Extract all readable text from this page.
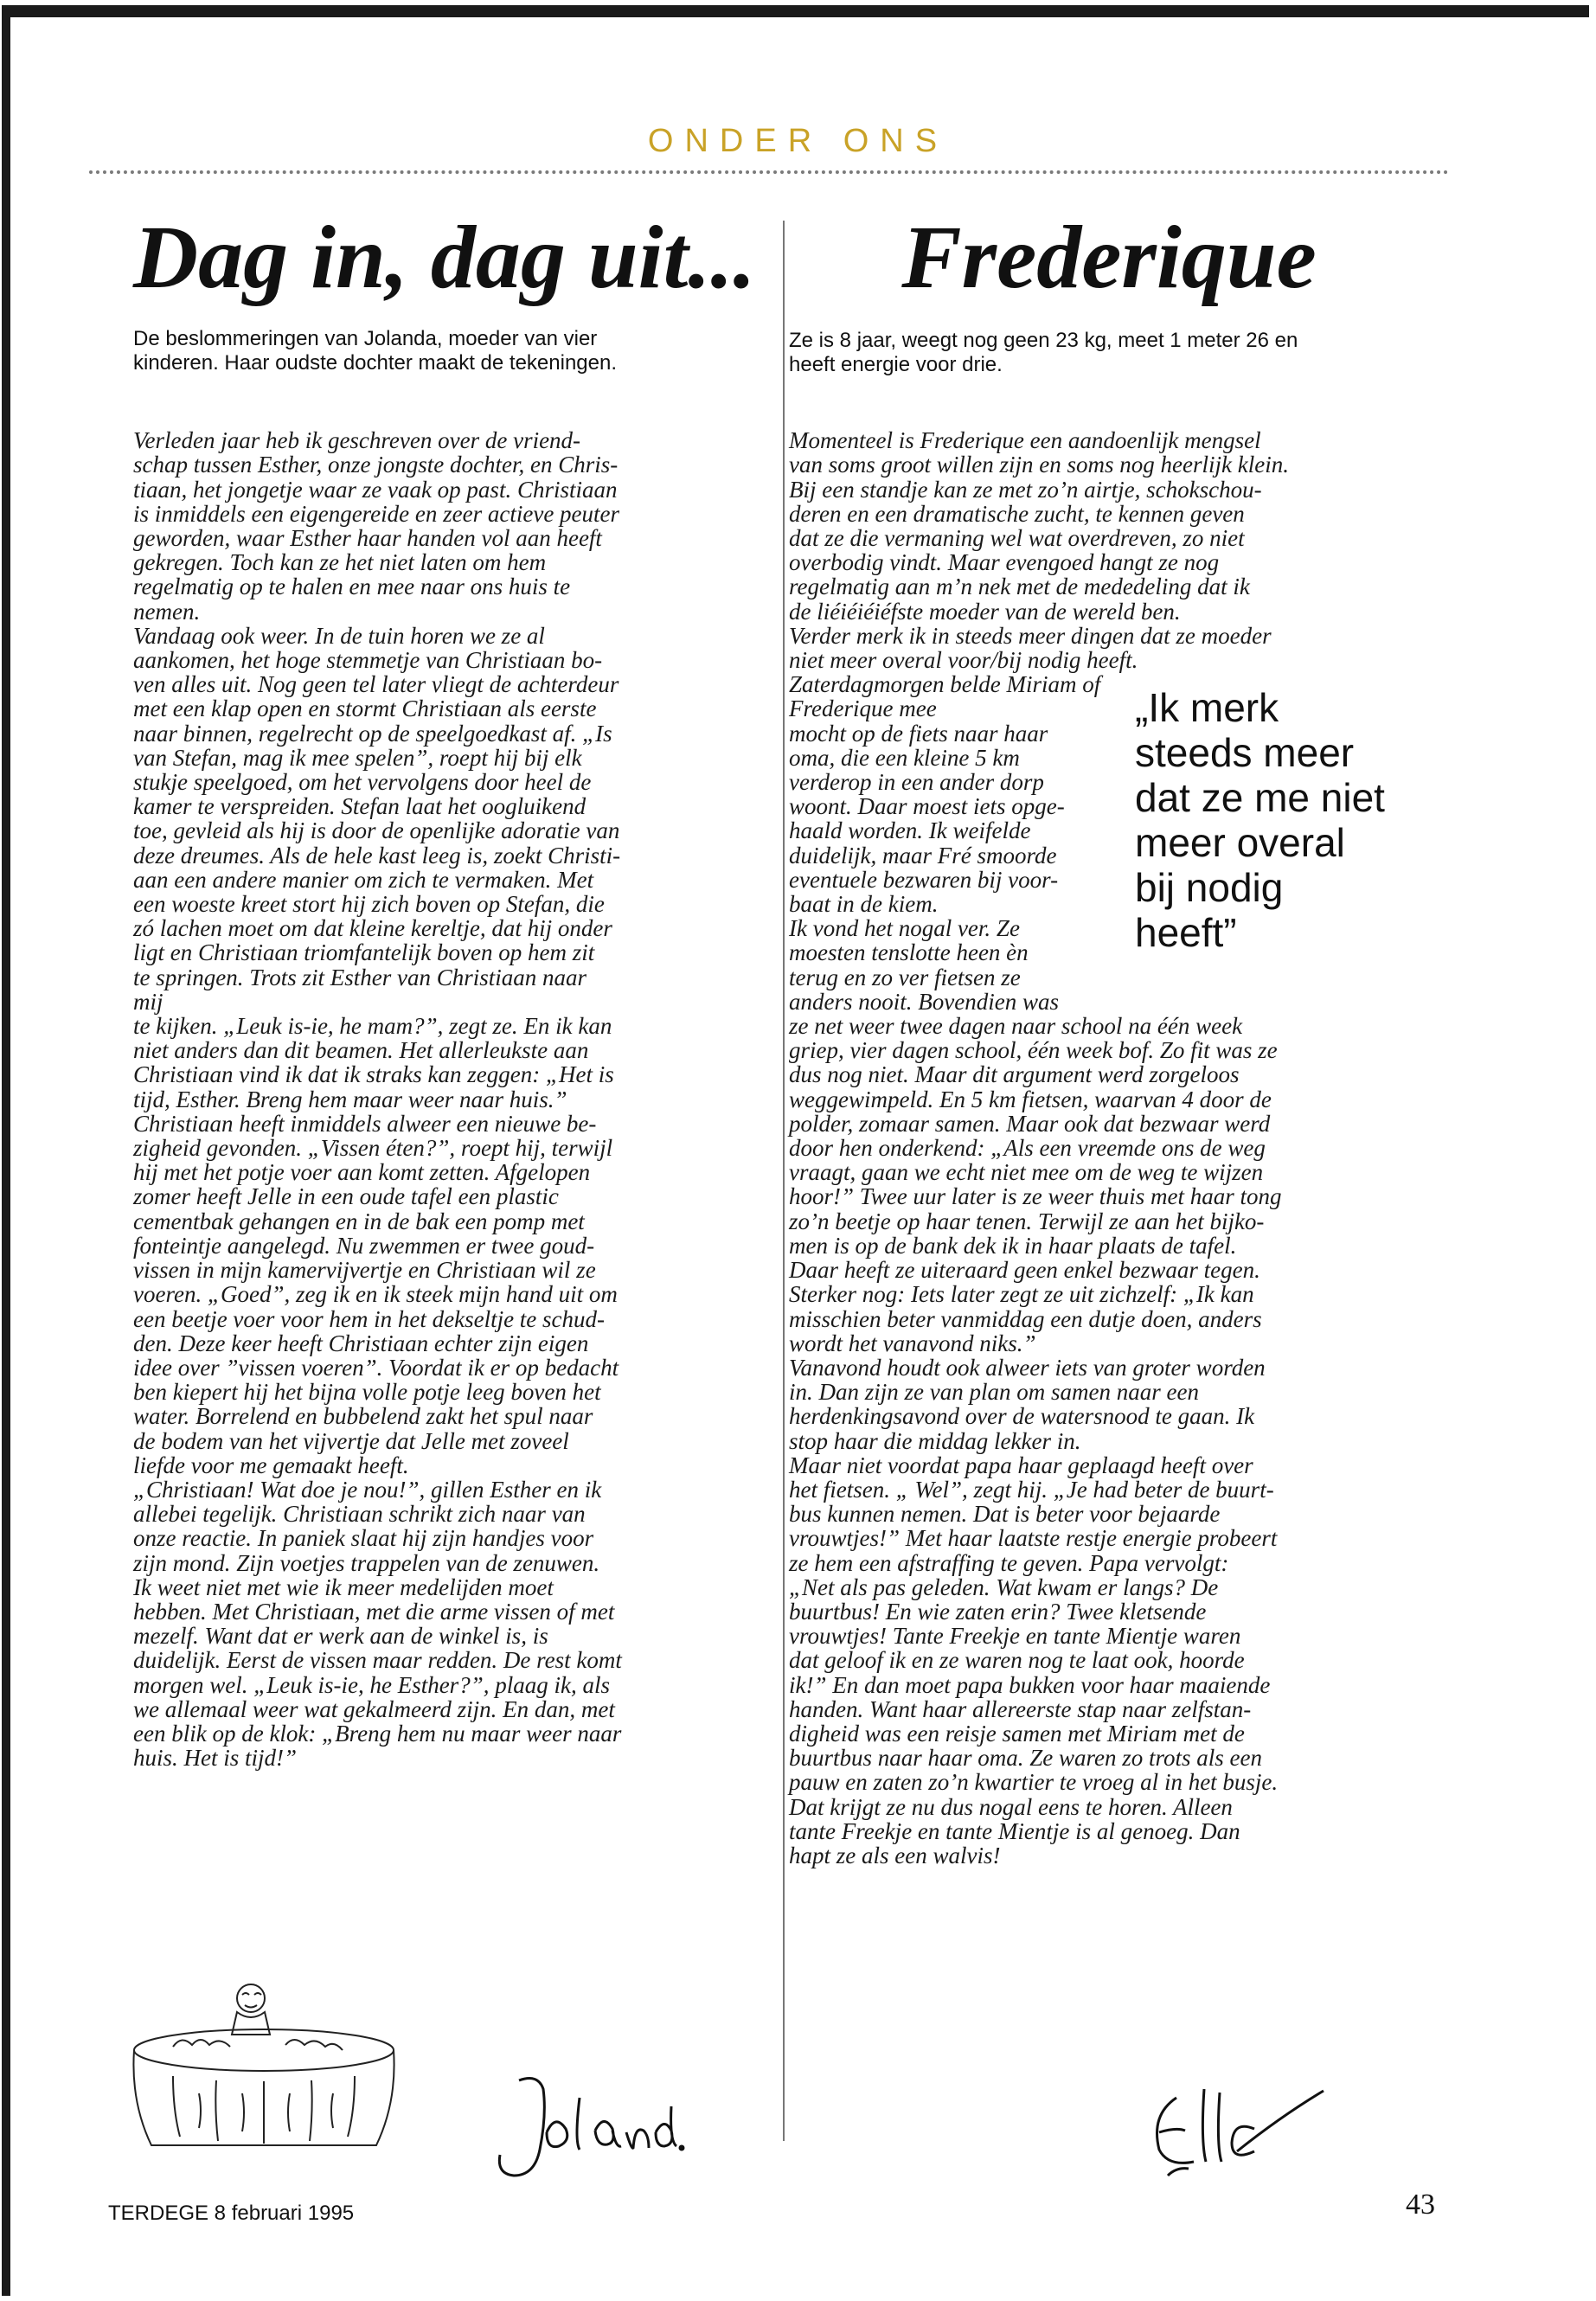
ONDER ONS
Dag in, dag uit...

De beslommeringen van Jolanda, moeder van vier
kinderen. Haar oudste dochter maakt de tekeningen.

Verleden jaar heb ik geschreven over de vriend-
schap tussen Esther, onze jongste dochter, en Chris-
tiaan, het jongetje waar ze vaak op past. Christiaan
is inmiddels een eigengereide en zeer actieve peuter
geworden, waar Esther haar handen vol aan heeft
gekregen. Toch kan ze het niet laten om hem
regelmatig op te halen en mee naar ons huis te
nemen.

Vandaag ook weer. In de tuin horen we ze al
aankomen, het hoge stemmetje van Christiaan bo-
ven alles uit. Nog geen tel later vliegt de achterdeur
met een klap open en stormt Christiaan als eerste
naar binnen, regelrecht op de speelgoedkast af. „Is
van Stefan, mag ik mee spelen”, roept hij bij elk
stukje speelgoed, om het vervolgens door heel de
kamer te verspreiden. Stefan laat het oogluikend
toe, gevleid als hij is door de openlijke adoratie van
deze dreumes. Als de hele kast leeg is, zoekt Christi-
aan een andere manier om zich te vermaken. Met
een woeste kreet stort hij zich boven op Stefan, die
zó lachen moet om dat kleine kereltje, dat hij onder
ligt en Christiaan triomfantelijk boven op hem zit
te springen. Trots zit Esther van Christiaan naar
mij
te kijken. „Leuk is-ie, he mam?”, zegt ze. En ik kan
niet anders dan dit beamen. Het allerleukste aan
Christiaan vind ik dat ik straks kan zeggen: „Het is
tijd, Esther. Breng hem maar weer naar huis.”

Christiaan heeft inmiddels alweer een nieuwe be-
zigheid gevonden. „Vissen éten?”, roept hij, terwijl
hij met het potje voer aan komt zetten. Afgelopen
zomer heeft Jelle in een oude tafel een plastic
cementbak gehangen en in de bak een pomp met
fonteintje aangelegd. Nu zwemmen er twee goud-
vissen in mijn kamervijvertje en Christiaan wil ze
voeren. „Goed”, zeg ik en ik steek mijn hand uit om
een beetje voer voor hem in het dekseltje te schud-
den. Deze keer heeft Christiaan echter zijn eigen
idee over ”vissen voeren”. Voordat ik er op bedacht
ben kiepert hij het bijna volle potje leeg boven het
water. Borrelend en bubbelend zakt het spul naar
de bodem van het vijvertje dat Jelle met zoveel
liefde voor me gemaakt heeft.

„Christiaan! Wat doe je nou!”, gillen Esther en ik
allebei tegelijk. Christiaan schrikt zich naar van
onze reactie. In paniek slaat hij zijn handjes voor
zijn mond. Zijn voetjes trappelen van de zenuwen.
Ik weet niet met wie ik meer medelijden moet
hebben. Met Christiaan, met die arme vissen of met
mezelf. Want dat er werk aan de winkel is, is
duidelijk. Eerst de vissen maar redden. De rest komt
morgen wel. „Leuk is-ie, he Esther?”, plaag ik, als
we allemaal weer wat gekalmeerd zijn. En dan, met
een blik op de klok: „Breng hem nu maar weer naar
huis. Het is tijd!”

Frederique

Ze is 8 jaar, weegt nog geen 23 kg, meet 1 meter 26 en
heeft energie voor drie.

Momenteel is Frederique een aandoenlijk mengsel
van soms groot willen zijn en soms nog heerlijk klein.
Bij een standje kan ze met zo’n airtje, schokschou-
deren en een dramatische zucht, te kennen geven
dat ze die vermaning wel wat overdreven, zo niet
overbodig vindt. Maar evengoed hangt ze nog
regelmatig aan m’n nek met de mededeling dat ik
de liéiéiéiéfste moeder van de wereld ben.

Verder merk ik in steeds meer dingen dat ze moeder
niet meer overal voor/bij nodig heeft.

„Ik merk
steeds meer
dat ze me niet
meer overal
bij nodig
heeft”

Zaterdagmorgen belde Miriam of Frederique mee
mocht op de fiets naar haar
oma, die een kleine 5 km
verderop in een ander dorp
woont. Daar moest iets opge-
haald worden. Ik weifelde
duidelijk, maar Fré smoorde
eventuele bezwaren bij voor-
baat in de kiem.

Ik vond het nogal ver. Ze
moesten tenslotte heen èn
terug en zo ver fietsen ze
anders nooit. Bovendien was
ze net weer twee dagen naar school na één week
griep, vier dagen school, één week bof. Zo fit was ze
dus nog niet. Maar dit argument werd zorgeloos
weggewimpeld. En 5 km fietsen, waarvan 4 door de
polder, zomaar samen. Maar ook dat bezwaar werd
door hen onderkend: „Als een vreemde ons de weg
vraagt, gaan we echt niet mee om de weg te wijzen
hoor!” Twee uur later is ze weer thuis met haar tong
zo’n beetje op haar tenen. Terwijl ze aan het bijko-
men is op de bank dek ik in haar plaats de tafel.
Daar heeft ze uiteraard geen enkel bezwaar tegen.
Sterker nog: Iets later zegt ze uit zichzelf: „Ik kan
misschien beter vanmiddag een dutje doen, anders
wordt het vanavond niks.”

Vanavond houdt ook alweer iets van groter worden
in. Dan zijn ze van plan om samen naar een
herdenkingsavond over de watersnood te gaan. Ik
stop haar die middag lekker in.

Maar niet voordat papa haar geplaagd heeft over
het fietsen. „ Wel”, zegt hij. „Je had beter de buurt-
bus kunnen nemen. Dat is beter voor bejaarde
vrouwtjes!” Met haar laatste restje energie probeert
ze hem een afstraffing te geven. Papa vervolgt:
„Net als pas geleden. Wat kwam er langs? De
buurtbus! En wie zaten erin? Twee kletsende
vrouwtjes! Tante Freekje en tante Mientje waren
dat geloof ik en ze waren nog te laat ook, hoorde
ik!” En dan moet papa bukken voor haar maaiende
handen. Want haar allereerste stap naar zelfstan-
digheid was een reisje samen met Miriam met de
buurtbus naar haar oma. Ze waren zo trots als een
pauw en zaten zo’n kwartier te vroeg al in het busje.
Dat krijgt ze nu dus nogal eens te horen. Alleen
tante Freekje en tante Mientje is al genoeg. Dan
hapt ze als een walvis!

TERDEGE 8 februari 1995	43
